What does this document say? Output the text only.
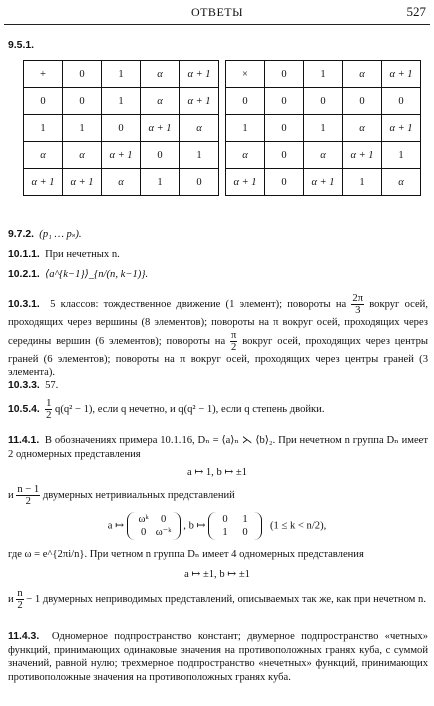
ОТВЕТЫ	527
9.5.1.
+	0	1	α	α + 1
0	0	1	α	α + 1
1	1	0	α + 1	α
α	α	α + 1	0	1
α + 1	α + 1	α	1	0
×	0	1	α	α + 1
0	0	0	0	0
1	0	1	α	α + 1
α	0	α	α + 1	1
α + 1	0	α + 1	1	α
9.7.2. (p₁ … pₛ).
10.1.1. При нечетных n.
10.2.1. ⟨a^{k−1}⟩_{n/(n, k−1)}.
10.3.1. 5 классов: тождественное движение (1 элемент); повороты на $\frac{2\pi}{3}$ вокруг осей, проходящих через вершины (8 элементов); повороты на π вокруг осей, проходящих через середины вершин (6 элементов); повороты на $\frac{\pi}{2}$ вокруг осей, проходящих через центры граней (6 элементов); повороты на π вокруг осей, проходящих через центры граней (3 элемента).
10.3.3. 57.
10.5.4. $\frac{1}{2} q(q^2 - 1)$, если q нечетно, и q(q² − 1), если q степень двойки.
11.4.1. В обозначениях примера 10.1.16, Dₙ = ⟨a⟩ₙ ⋋ ⟨b⟩₂. При нечетном n группа Dₙ имеет 2 одномерных представления
a ↦ 1, b ↦ ±1
и $\frac{n - 1}{2}$ двумерных нетривиальных представлений
a ↦ ωᵏ 0
0 ω⁻ᵏ , b ↦ 0 1
1 0   (1 ≤ k < n/2),
где ω = e^{2πi/n}. При четном n группа Dₙ имеет 4 одномерных представления
a ↦ ±1, b ↦ ±1
и $\frac{n}{2} - 1$ двумерных неприводимых представлений, описываемых так же, как при нечетном n.
11.4.3. Одномерное подпространство констант; двумерное подпространство «четных» функций, принимающих одинаковые значения на противоположных гранях куба, с суммой значений, равной нулю; трехмерное подпространство «нечетных» функций, принимающих противоположные значения на противоположных гранях куба.
